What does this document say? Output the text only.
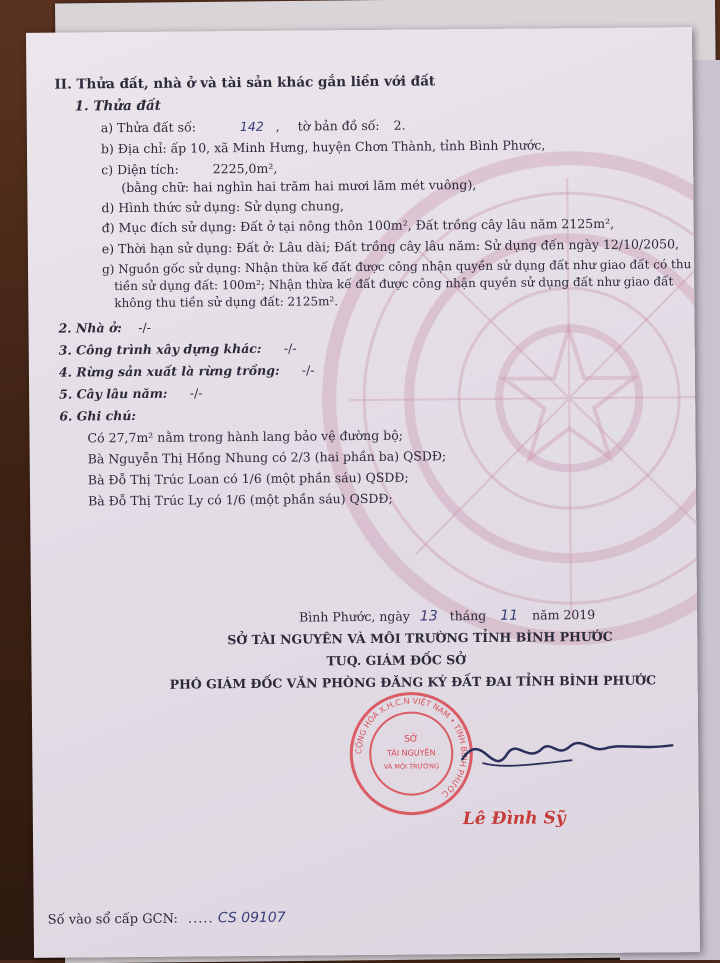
II. Thửa đất, nhà ở và tài sản khác gắn liền với đất
1. Thửa đất
a) Thửa đất số:	142 , tờ bản đồ số: 2.
b) Địa chỉ: ấp 10, xã Minh Hưng, huyện Chơn Thành, tỉnh Bình Phước,
c) Diện tích:	2225,0m²,
(bằng chữ: hai nghìn hai trăm hai mươi lăm mét vuông),
d) Hình thức sử dụng: Sử dụng chung,
đ) Mục đích sử dụng: Đất ở tại nông thôn 100m², Đất trồng cây lâu năm 2125m²,
e) Thời hạn sử dụng: Đất ở: Lâu dài; Đất trồng cây lâu năm: Sử dụng đến ngày 12/10/2050,
g) Nguồn gốc sử dụng: Nhận thừa kế đất được công nhận quyền sử dụng đất như giao đất có thu
tiền sử dụng đất: 100m²; Nhận thừa kế đất được công nhận quyền sử dụng đất như giao đất
không thu tiền sử dụng đất: 2125m².
2. Nhà ở: -/-
3. Công trình xây dựng khác: -/-
4. Rừng sản xuất là rừng trồng: -/-
5. Cây lâu năm: -/-
6. Ghi chú:
Có 27,7m² nằm trong hành lang bảo vệ đường bộ;
Bà Nguyễn Thị Hồng Nhung có 2/3 (hai phần ba) QSDĐ;
Bà Đỗ Thị Trúc Loan có 1/6 (một phần sáu) QSDĐ;
Bà Đỗ Thị Trúc Ly có 1/6 (một phần sáu) QSDĐ;
Bình Phước, ngày 13 tháng 11 năm 2019
SỞ TÀI NGUYÊN VÀ MÔI TRƯỜNG TỈNH BÌNH PHƯỚC
TUQ. GIÁM ĐỐC SỞ
PHÓ GIÁM ĐỐC VĂN PHÒNG ĐĂNG KÝ ĐẤT ĐAI TỈNH BÌNH PHƯỚC
CỘNG HÒA X.H.C.N VIỆT NAM • TỈNH BÌNH PHƯỚC
SỞ
TÀI NGUYÊN
VÀ MÔI TRƯỜNG
Lê Đình Sỹ
Số vào sổ cấp GCN: ..... CS 09107
